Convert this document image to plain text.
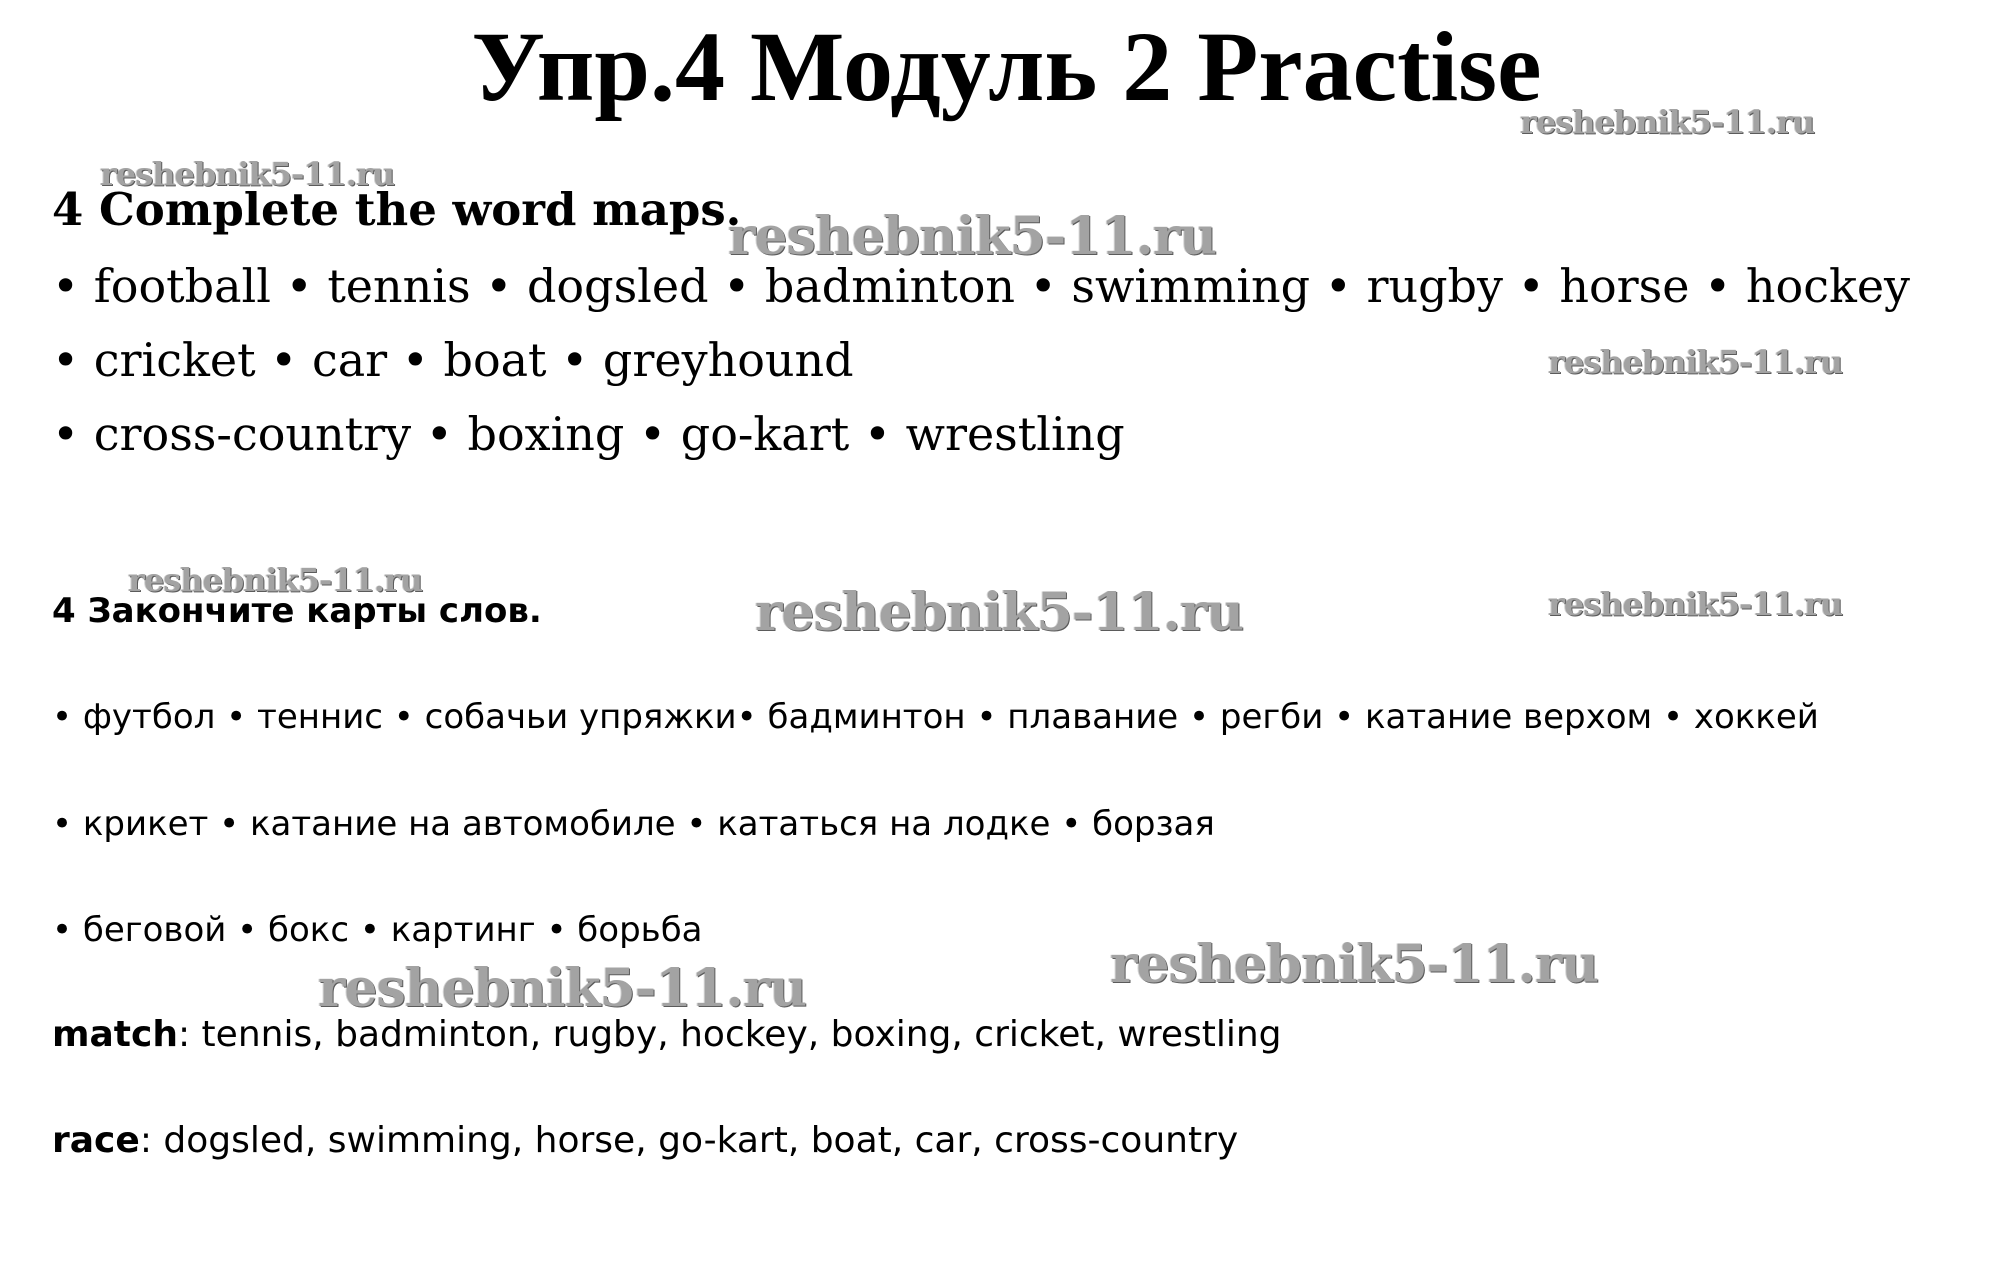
Упр.4 Модуль 2 Practise
reshebnik5-11.ru
reshebnik5-11.ru
4 Complete the word maps.
reshebnik5-11.ru
• football • tennis • dogsled • badminton • swimming • rugby • horse • hockey
• cricket • car • boat • greyhound	reshebnik5-11.ru
• cross-country • boxing • go-kart • wrestling
reshebnik5-11.ru
4 Закончите карты слов.	reshebnik5-11.ru	reshebnik5-11.ru
• футбол • теннис • собачьи упряжки• бадминтон • плавание • регби • катание верхом • хоккей
• крикет • катание на автомобиле • кататься на лодке • борзая
• беговой • бокс • картинг • борьба
reshebnik5-11.ru
reshebnik5-11.ru
match: tennis, badminton, rugby, hockey, boxing, cricket, wrestling
race: dogsled, swimming, horse, go-kart, boat, car, cross-country
